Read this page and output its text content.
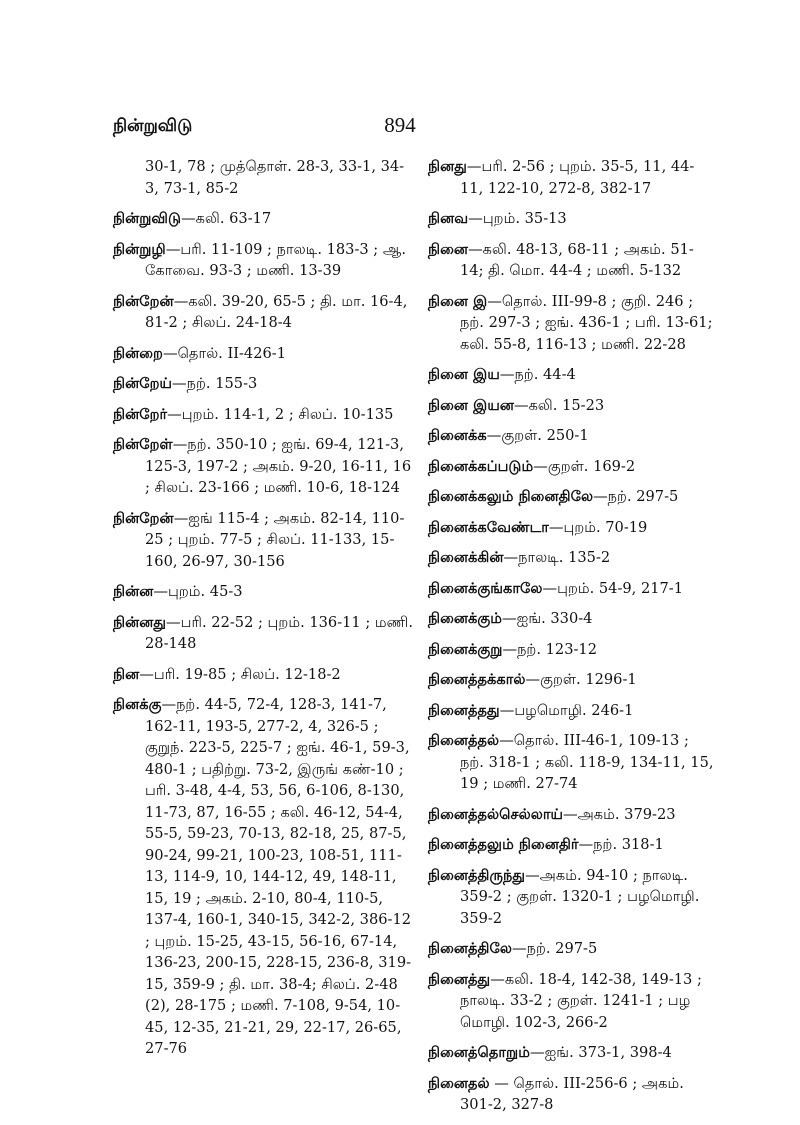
நின்றுவிடு	894

30-1, 78 ; முத்தொள். 28-3, 33-1, 34-3, 73-1, 85-2

நின்றுவிடு—கலி. 63-17

நின்றுழி—பரி. 11-109 ; நாலடி. 183-3 ; ஆ. கோவை. 93-3 ; மணி. 13-39

நின்றேன்—கலி. 39-20, 65-5 ; தி. மா. 16-4, 81-2 ; சிலப். 24-18-4

நின்றை—தொல். II-426-1

நின்றேய்—நற். 155-3

நின்றேர்—புறம். 114-1, 2 ; சிலப். 10-135

நின்றேள்—நற். 350-10 ; ஐங். 69-4, 121-3, 125-3, 197-2 ; அகம். 9-20, 16-11, 16 ; சிலப். 23-166 ; மணி. 10-6, 18-124

நின்றேன்—ஐங் 115-4 ; அகம். 82-14, 110-25 ; புறம். 77-5 ; சிலப். 11-133, 15-160, 26-97, 30-156

நின்ன—புறம். 45-3

நின்னது—பரி. 22-52 ; புறம். 136-11 ; மணி. 28-148

நின—பரி. 19-85 ; சிலப். 12-18-2

நினக்கு—நற். 44-5, 72-4, 128-3, 141-7, 162-11, 193-5, 277-2, 4, 326-5 ; குறுந். 223-5, 225-7 ; ஐங். 46-1, 59-3, 480-1 ; பதிற்று. 73-2, இருங் கண்-10 ; பரி. 3-48, 4-4, 53, 56, 6-106, 8-130, 11-73, 87, 16-55 ; கலி. 46-12, 54-4, 55-5, 59-23, 70-13, 82-18, 25, 87-5, 90-24, 99-21, 100-23, 108-51, 111-13, 114-9, 10, 144-12, 49, 148-11, 15, 19 ; அகம். 2-10, 80-4, 110-5, 137-4, 160-1, 340-15, 342-2, 386-12 ; புறம். 15-25, 43-15, 56-16, 67-14, 136-23, 200-15, 228-15, 236-8, 319-15, 359-9 ; தி. மா. 38-4; சிலப். 2-48 (2), 28-175 ; மணி. 7-108, 9-54, 10-45, 12-35, 21-21, 29, 22-17, 26-65, 27-76

நினது—பரி. 2-56 ; புறம். 35-5, 11, 44-11, 122-10, 272-8, 382-17

நினவ—புறம். 35-13

நினை—கலி. 48-13, 68-11 ; அகம். 51-14; தி. மொ. 44-4 ; மணி. 5-132

நினை இ—தொல். III-99-8 ; குறி. 246 ; நற். 297-3 ; ஐங். 436-1 ; பரி. 13-61; கலி. 55-8, 116-13 ; மணி. 22-28

நினை இய—நற். 44-4

நினை இயன—கலி. 15-23

நினைக்க—குறள். 250-1

நினைக்கப்படும்—குறள். 169-2

நினைக்கலும் நினைதிலே—நற். 297-5

நினைக்கவேண்டா—புறம். 70-19

நினைக்கின்—நாலடி. 135-2

நினைக்குங்காலே—புறம். 54-9, 217-1

நினைக்கும்—ஐங். 330-4

நினைக்குறு—நற். 123-12

நினைத்தக்கால்—குறள். 1296-1

நினைத்தது—பழமொழி. 246-1

நினைத்தல்—தொல். III-46-1, 109-13 ; நற். 318-1 ; கலி. 118-9, 134-11, 15, 19 ; மணி. 27-74

நினைத்தல்செல்லாய்—அகம். 379-23

நினைத்தலும் நினைதிர்—நற். 318-1

நினைத்திருந்து—அகம். 94-10 ; நாலடி. 359-2 ; குறள். 1320-1 ; பழமொழி. 359-2

நினைத்திலே—நற். 297-5

நினைத்து—கலி. 18-4, 142-38, 149-13 ; நாலடி. 33-2 ; குறள். 1241-1 ; பழ மொழி. 102-3, 266-2

நினைத்தொறும்—ஐங். 373-1, 398-4

நினைதல் — தொல். III-256-6 ; அகம். 301-2, 327-8
